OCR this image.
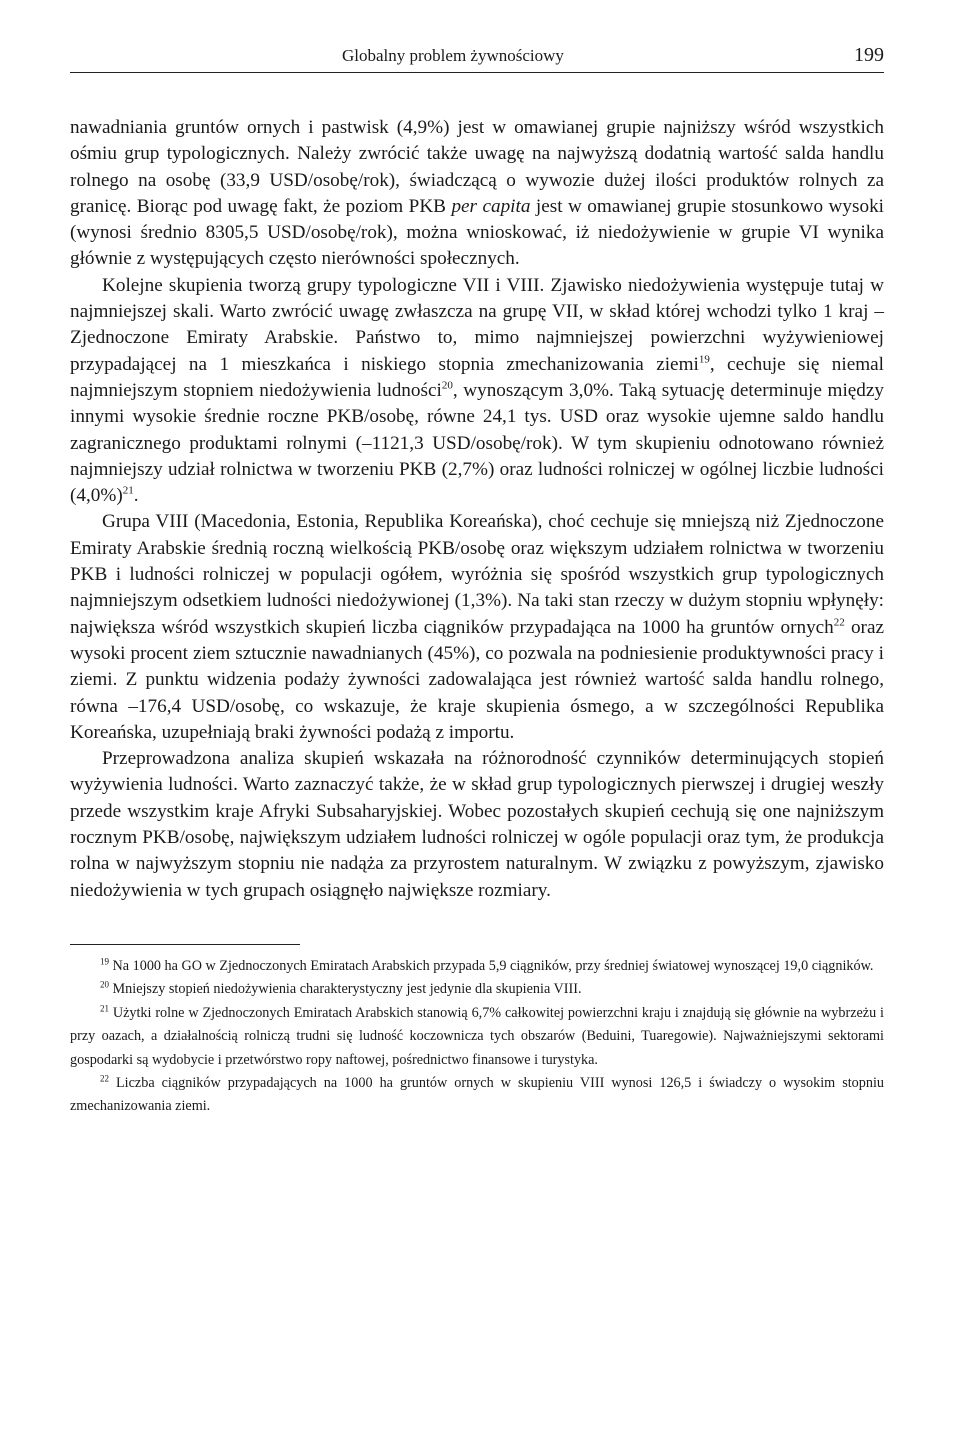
Globalny problem żywnościowy	199

nawadniania gruntów ornych i pastwisk (4,9%) jest w omawianej grupie najniższy wśród wszystkich ośmiu grup typologicznych. Należy zwrócić także uwagę na najwyższą dodatnią wartość salda handlu rolnego na osobę (33,9 USD/osobę/rok), świadczącą o wywozie dużej ilości produktów rolnych za granicę. Biorąc pod uwagę fakt, że poziom PKB per capita jest w omawianej grupie stosunkowo wysoki (wynosi średnio 8305,5 USD/osobę/rok), można wnioskować, iż niedożywienie w grupie VI wynika głównie z występujących często nierówności społecznych.

Kolejne skupienia tworzą grupy typologiczne VII i VIII. Zjawisko niedożywienia występuje tutaj w najmniejszej skali. Warto zwrócić uwagę zwłaszcza na grupę VII, w skład której wchodzi tylko 1 kraj – Zjednoczone Emiraty Arabskie. Państwo to, mimo najmniejszej powierzchni wyżywieniowej przypadającej na 1 mieszkańca i niskiego stopnia zmechanizowania ziemi$^{19}$, cechuje się niemal najmniejszym stopniem niedożywienia ludności$^{20}$, wynoszącym 3,0%. Taką sytuację determinuje między innymi wysokie średnie roczne PKB/osobę, równe 24,1 tys. USD oraz wysokie ujemne saldo handlu zagranicznego produktami rolnymi (–1121,3 USD/osobę/rok). W tym skupieniu odnotowano również najmniejszy udział rolnictwa w tworzeniu PKB (2,7%) oraz ludności rolniczej w ogólnej liczbie ludności $(4,0\%)^{21}$.

Grupa VIII (Macedonia, Estonia, Republika Koreańska), choć cechuje się mniejszą niż Zjednoczone Emiraty Arabskie średnią roczną wielkością PKB/osobę oraz większym udziałem rolnictwa w tworzeniu PKB i ludności rolniczej w populacji ogółem, wyróżnia się spośród wszystkich grup typologicznych najmniejszym odsetkiem ludności niedożywionej (1,3%). Na taki stan rzeczy w dużym stopniu wpłynęły: największa wśród wszystkich skupień liczba ciągników przypadająca na 1000 ha gruntów ornych$^{22}$ oraz wysoki procent ziem sztucznie nawadnianych (45%), co pozwala na podniesienie produktywności pracy i ziemi. Z punktu widzenia podaży żywności zadowalająca jest również wartość salda handlu rolnego, równa –176,4 USD/osobę, co wskazuje, że kraje skupienia ósmego, a w szczególności Republika Koreańska, uzupełniają braki żywności podażą z importu.

Przeprowadzona analiza skupień wskazała na różnorodność czynników determinujących stopień wyżywienia ludności. Warto zaznaczyć także, że w skład grup typologicznych pierwszej i drugiej weszły przede wszystkim kraje Afryki Subsaharyjskiej. Wobec pozostałych skupień cechują się one najniższym rocznym PKB/osobę, największym udziałem ludności rolniczej w ogóle populacji oraz tym, że produkcja rolna w najwyższym stopniu nie nadąża za przyrostem naturalnym. W związku z powyższym, zjawisko niedożywienia w tych grupach osiągnęło największe rozmiary.

$^{19}$ Na 1000 ha GO w Zjednoczonych Emiratach Arabskich przypada 5,9 ciągników, przy średniej światowej wynoszącej 19,0 ciągników.

$^{20}$ Mniejszy stopień niedożywienia charakterystyczny jest jedynie dla skupienia VIII.

$^{21}$ Użytki rolne w Zjednoczonych Emiratach Arabskich stanowią 6,7% całkowitej powierzchni kraju i znajdują się głównie na wybrzeżu i przy oazach, a działalnością rolniczą trudni się ludność koczownicza tych obszarów (Beduini, Tuaregowie). Najważniejszymi sektorami gospodarki są wydobycie i przetwórstwo ropy naftowej, pośrednictwo finansowe i turystyka.

$^{22}$ Liczba ciągników przypadających na 1000 ha gruntów ornych w skupieniu VIII wynosi 126,5 i świadczy o wysokim stopniu zmechanizowania ziemi.
